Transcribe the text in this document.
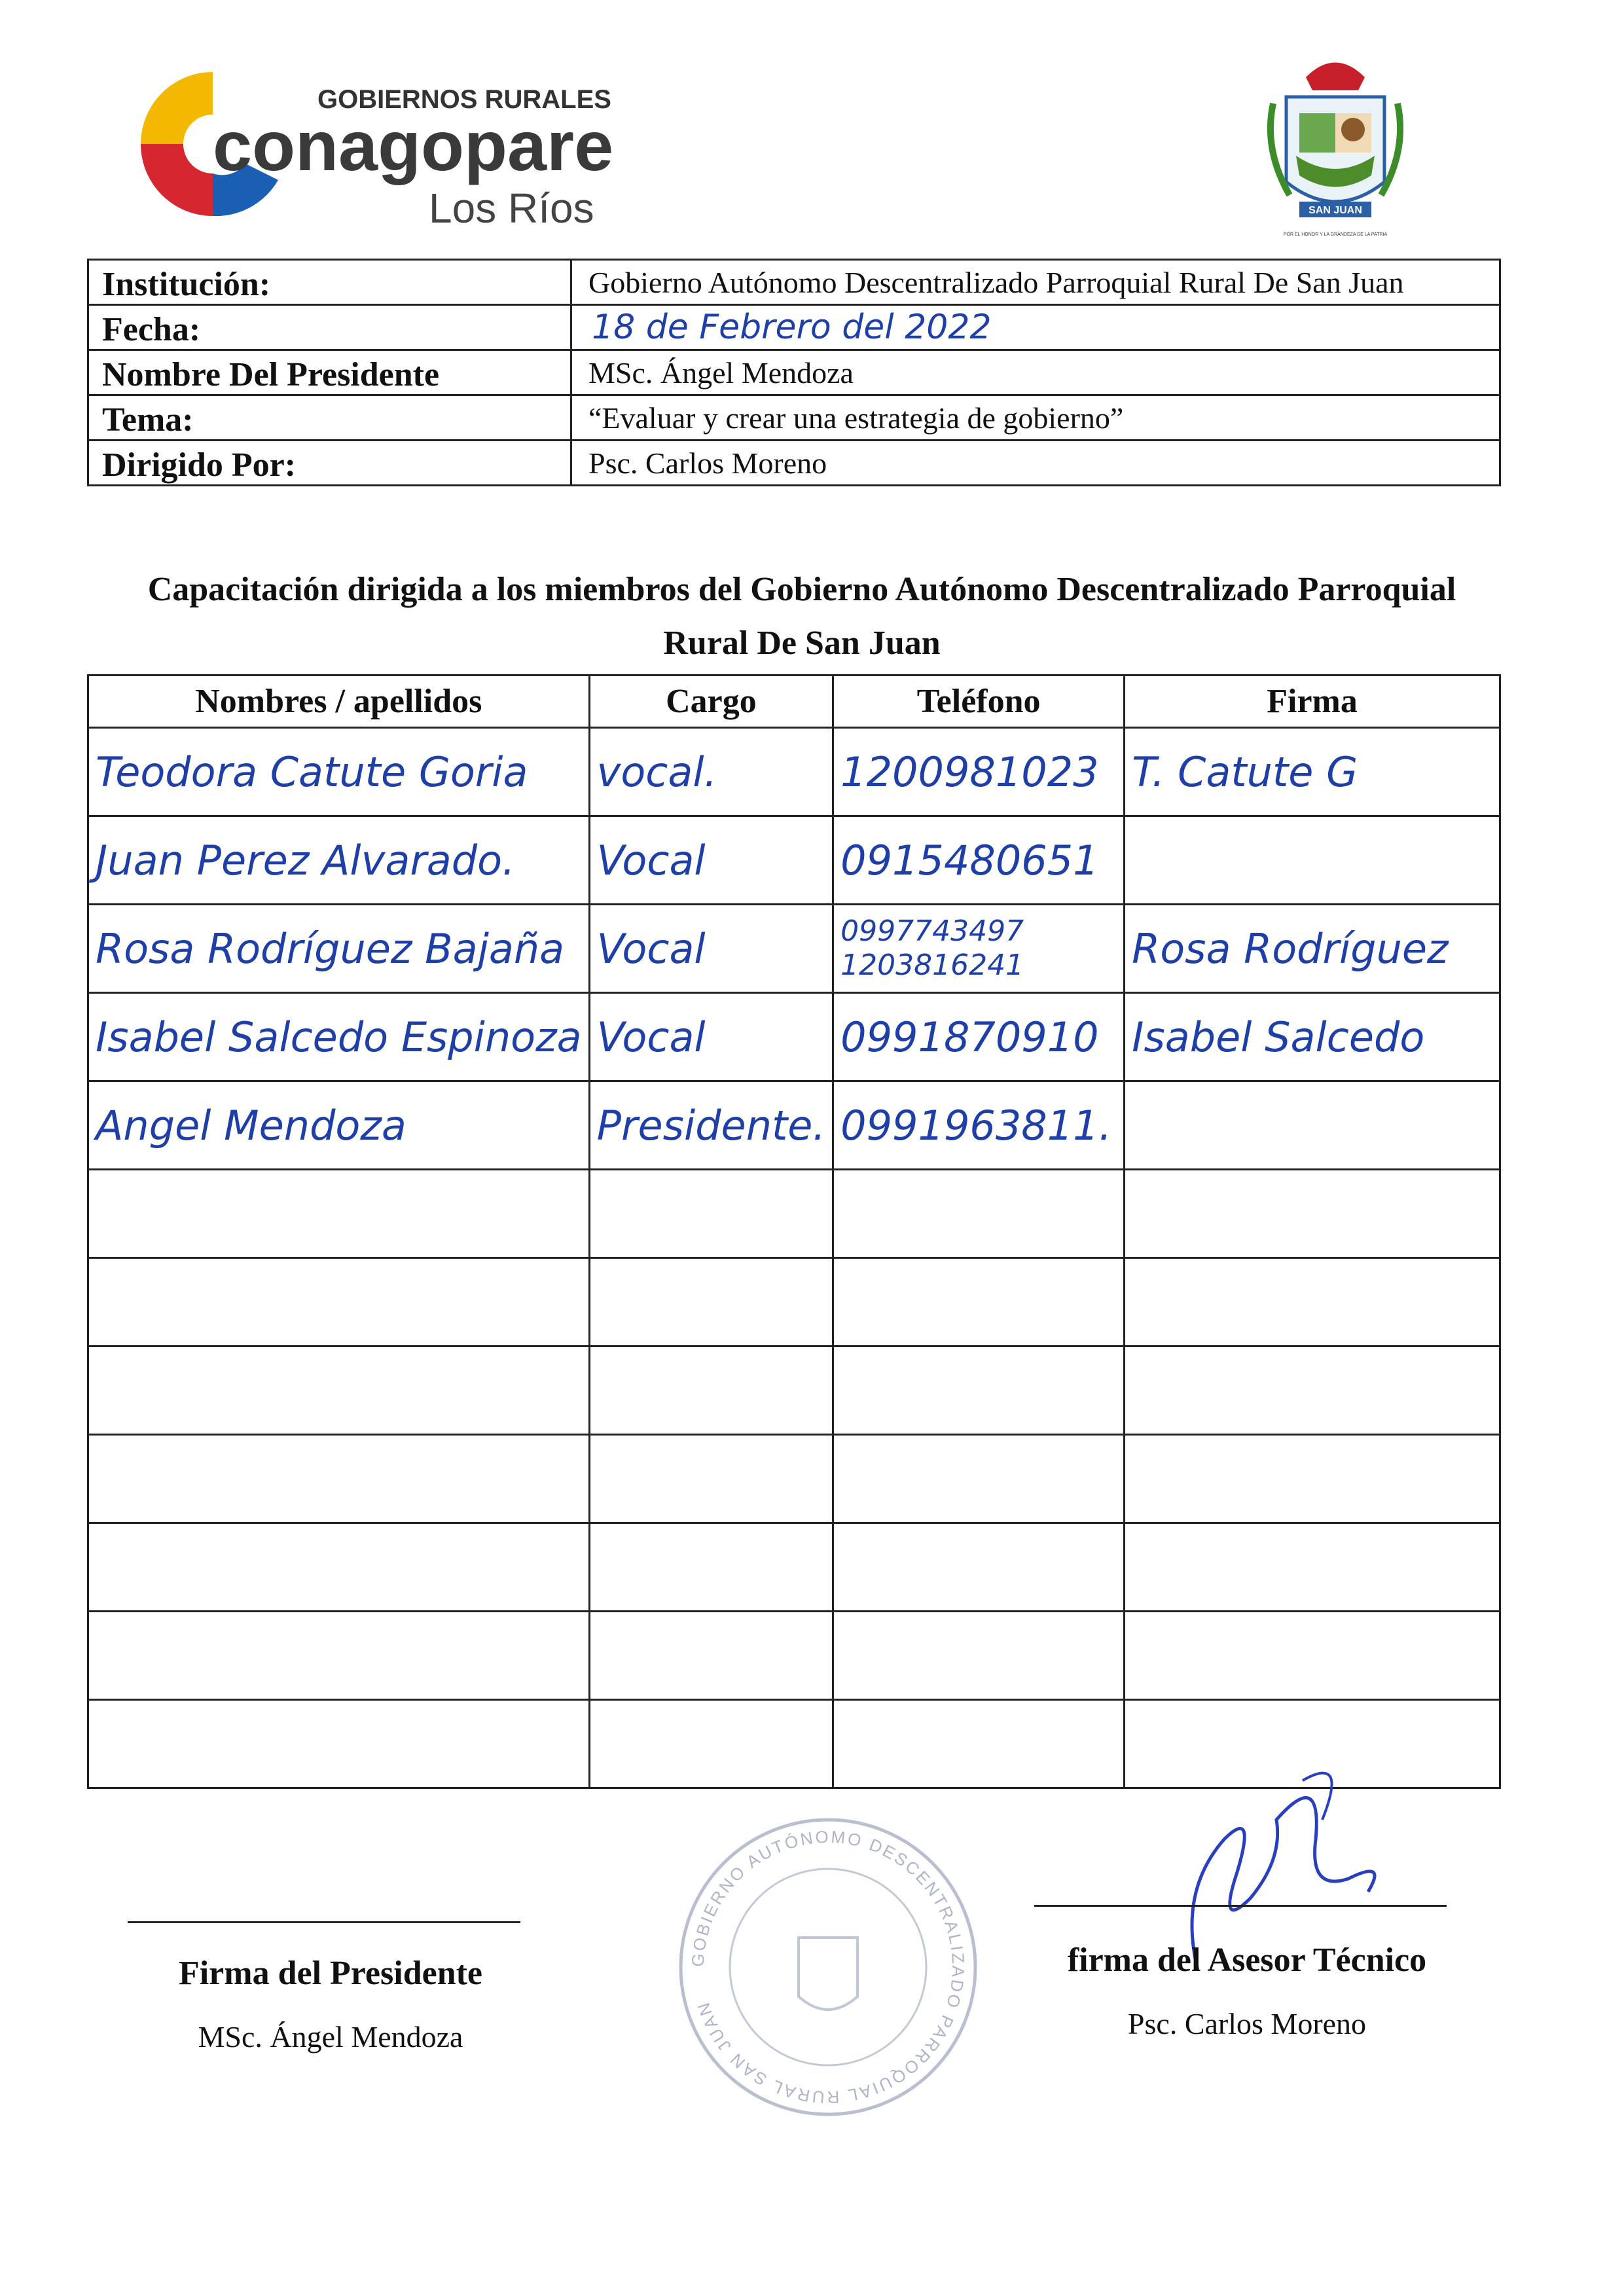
GOBIERNOS RURALES
conagopare
Los Ríos	SAN JUAN
POR EL HONOR Y LA GRANDEZA DE LA PATRIA
Institución:	Gobierno Autónomo Descentralizado Parroquial Rural De San Juan
Fecha:	18 de Febrero del 2022
Nombre Del Presidente	MSc. Ángel Mendoza
Tema:	“Evaluar y crear una estrategia de gobierno”
Dirigido Por:	Psc. Carlos Moreno
Capacitación dirigida a los miembros del Gobierno Autónomo Descentralizado Parroquial
Rural De San Juan
Nombres / apellidos	Cargo	Teléfono	Firma
Teodora Catute Goria	vocal.	1200981023	T. Catute G
Juan Perez Alvarado.	Vocal	0915480651	
Rosa Rodríguez Bajaña	Vocal	0997743497 1203816241	Rosa Rodríguez
Isabel Salcedo Espinoza	Vocal	0991870910	Isabel Salcedo
Angel Mendoza	Presidente.	0991963811.	

Firma del Presidente
MSc. Ángel Mendoza
GOBIERNO AUTÓNOMO DESCENTRALIZADO PARROQUIAL RURAL SAN JUAN
firma del Asesor Técnico
Psc. Carlos Moreno
